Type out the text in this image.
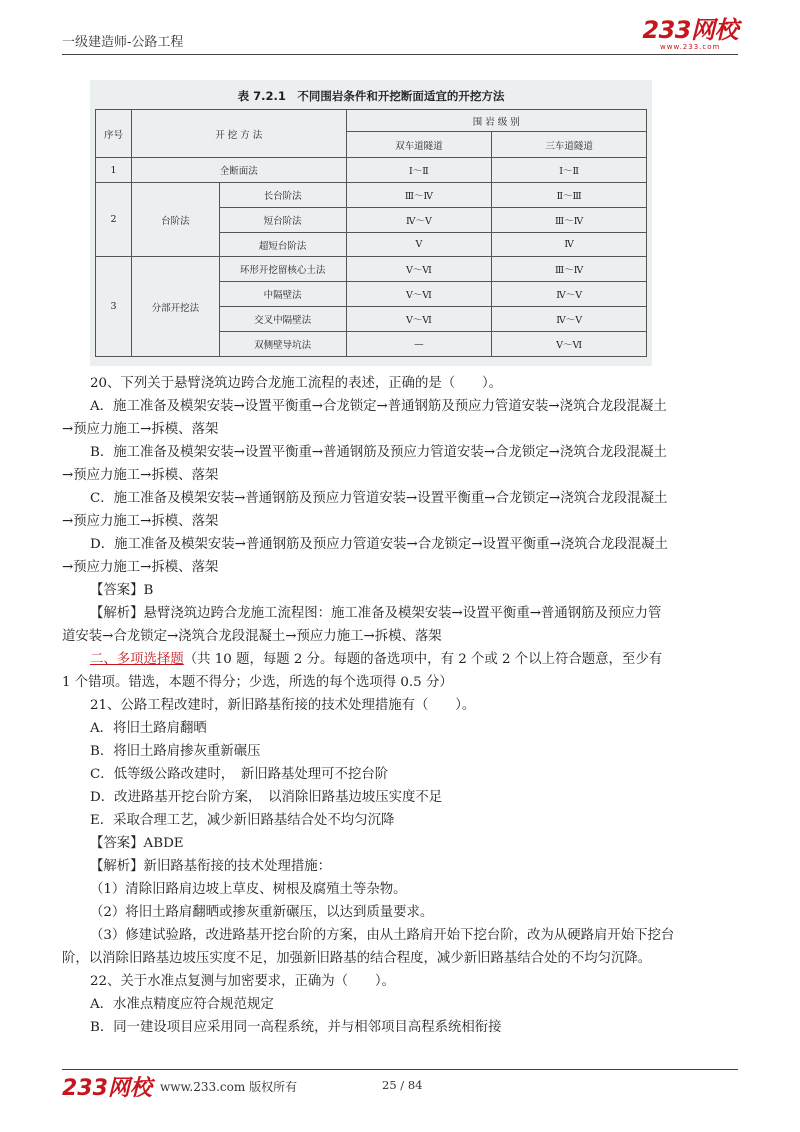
一级建造师-公路工程	233网校
www.233.com
表 7.2.1　不同围岩条件和开挖断面适宜的开挖方法
序号	开 挖 方 法		围 岩 级 别	
			双车道隧道	三车道隧道
1	全断面法		Ⅰ～Ⅱ	Ⅰ～Ⅱ
2	台阶法	长台阶法	Ⅲ～Ⅳ	Ⅱ～Ⅲ
		短台阶法	Ⅳ～Ⅴ	Ⅲ～Ⅳ
		超短台阶法	Ⅴ	Ⅳ
3	分部开挖法	环形开挖留核心土法	Ⅴ～Ⅵ	Ⅲ～Ⅳ
		中隔壁法	Ⅴ～Ⅵ	Ⅳ～Ⅴ
		交叉中隔壁法	Ⅴ～Ⅵ	Ⅳ～Ⅴ
		双侧壁导坑法	—	Ⅴ～Ⅵ
20、下列关于悬臂浇筑边跨合龙施工流程的表述，正确的是（　　）。
A．施工准备及模架安装→设置平衡重→合龙锁定→普通钢筋及预应力管道安装→浇筑合龙段混凝土
→预应力施工→拆模、落架
B．施工准备及模架安装→设置平衡重→普通钢筋及预应力管道安装→合龙锁定→浇筑合龙段混凝土
→预应力施工→拆模、落架
C．施工准备及模架安装→普通钢筋及预应力管道安装→设置平衡重→合龙锁定→浇筑合龙段混凝土
→预应力施工→拆模、落架
D．施工准备及模架安装→普通钢筋及预应力管道安装→合龙锁定→设置平衡重→浇筑合龙段混凝土
→预应力施工→拆模、落架
【答案】B
【解析】悬臂浇筑边跨合龙施工流程图：施工准备及模架安装→设置平衡重→普通钢筋及预应力管
道安装→合龙锁定→浇筑合龙段混凝土→预应力施工→拆模、落架
二、多项选择题（共 10 题，每题 2 分。每题的备选项中，有 2 个或 2 个以上符合题意，至少有
1 个错项。错选，本题不得分；少选，所选的每个选项得 0.5 分）
21、公路工程改建时，新旧路基衔接的技术处理措施有（　　）。
A．将旧土路肩翻晒
B．将旧土路肩掺灰重新碾压
C．低等级公路改建时，　新旧路基处理可不挖台阶
D．改进路基开挖台阶方案，　以消除旧路基边坡压实度不足
E．采取合理工艺，减少新旧路基结合处不均匀沉降
【答案】ABDE
【解析】新旧路基衔接的技术处理措施：
（1）清除旧路肩边坡上草皮、树根及腐殖土等杂物。
（2）将旧土路肩翻晒或掺灰重新碾压，以达到质量要求。
（3）修建试验路，改进路基开挖台阶的方案，由从土路肩开始下挖台阶，改为从硬路肩开始下挖台
阶，以消除旧路基边坡压实度不足，加强新旧路基的结合程度，减少新旧路基结合处的不均匀沉降。
22、关于水准点复测与加密要求，正确为（　　）。
A．水准点精度应符合规范规定
B．同一建设项目应采用同一高程系统，并与相邻项目高程系统相衔接
233网校 www.233.com 版权所有	25 / 84
